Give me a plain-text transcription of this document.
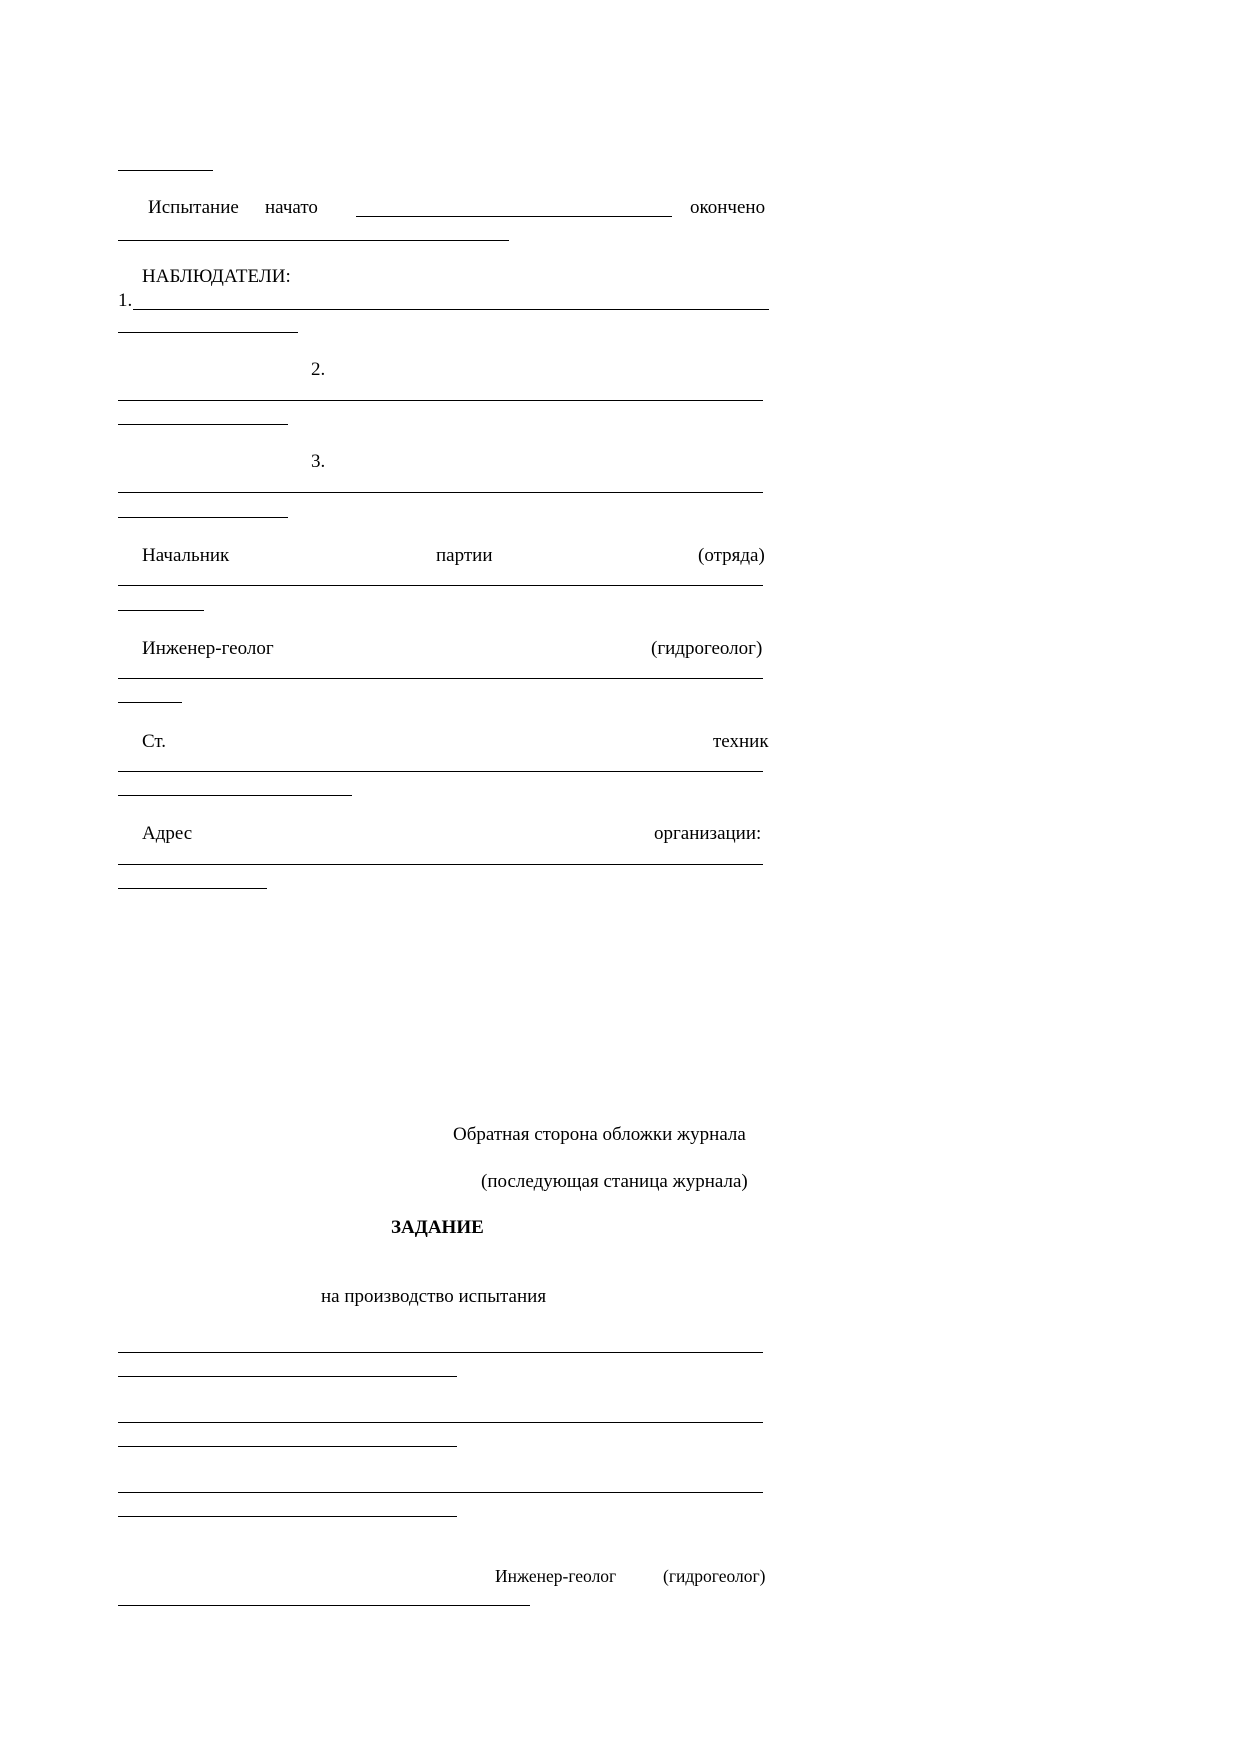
Испытание начато	окончено
НАБЛЮДАТЕЛИ:
1.
2.
3.
Начальник	партии	(отряда)
Инженер-геолог	(гидрогеолог)
Ст.	техник
Адрес	организации:
Обратная сторона обложки журнала
(последующая станица журнала)
ЗАДАНИЕ
на производство испытания
Инженер-геолог	(гидрогеолог)
